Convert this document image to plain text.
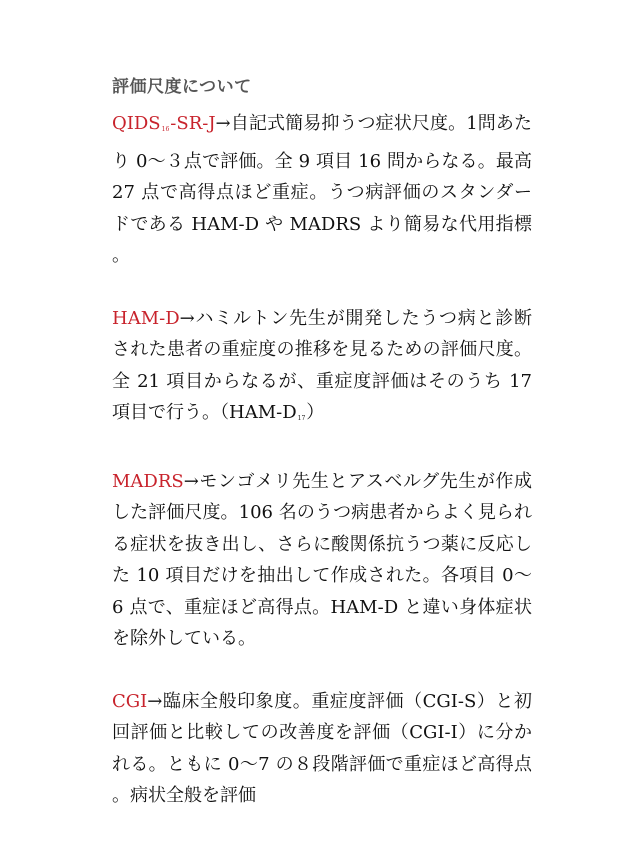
評価尺度について

$QIDS_{16}-SR-J\to$自記式簡易抑うつ症状尺度。1問あたり 0～３点で評価。全 9 項目 16 問からなる。最高 27 点で高得点ほど重症。うつ病評価のスタンダードである HAM-D や MADRS より簡易な代用指標。

HAM-D→ハミルトン先生が開発したうつ病と診断された患者の重症度の推移を見るための評価尺度。全 21 項目からなるが、重症度評価はそのうち 17 項目で行う。$(HAM-D_{17})$

MADRS→モンゴメリ先生とアスベルグ先生が作成した評価尺度。106 名のうつ病患者からよく見られる症状を抜き出し、さらに酸関係抗うつ薬に反応した 10 項目だけを抽出して作成された。各項目 0～6 点で、重症ほど高得点。HAM-D と違い身体症状を除外している。

CGI→臨床全般印象度。重症度評価（CGI-S）と初回評価と比較しての改善度を評価（CGI-I）に分かれる。ともに 0～7 の８段階評価で重症ほど高得点。病状全般を評価
